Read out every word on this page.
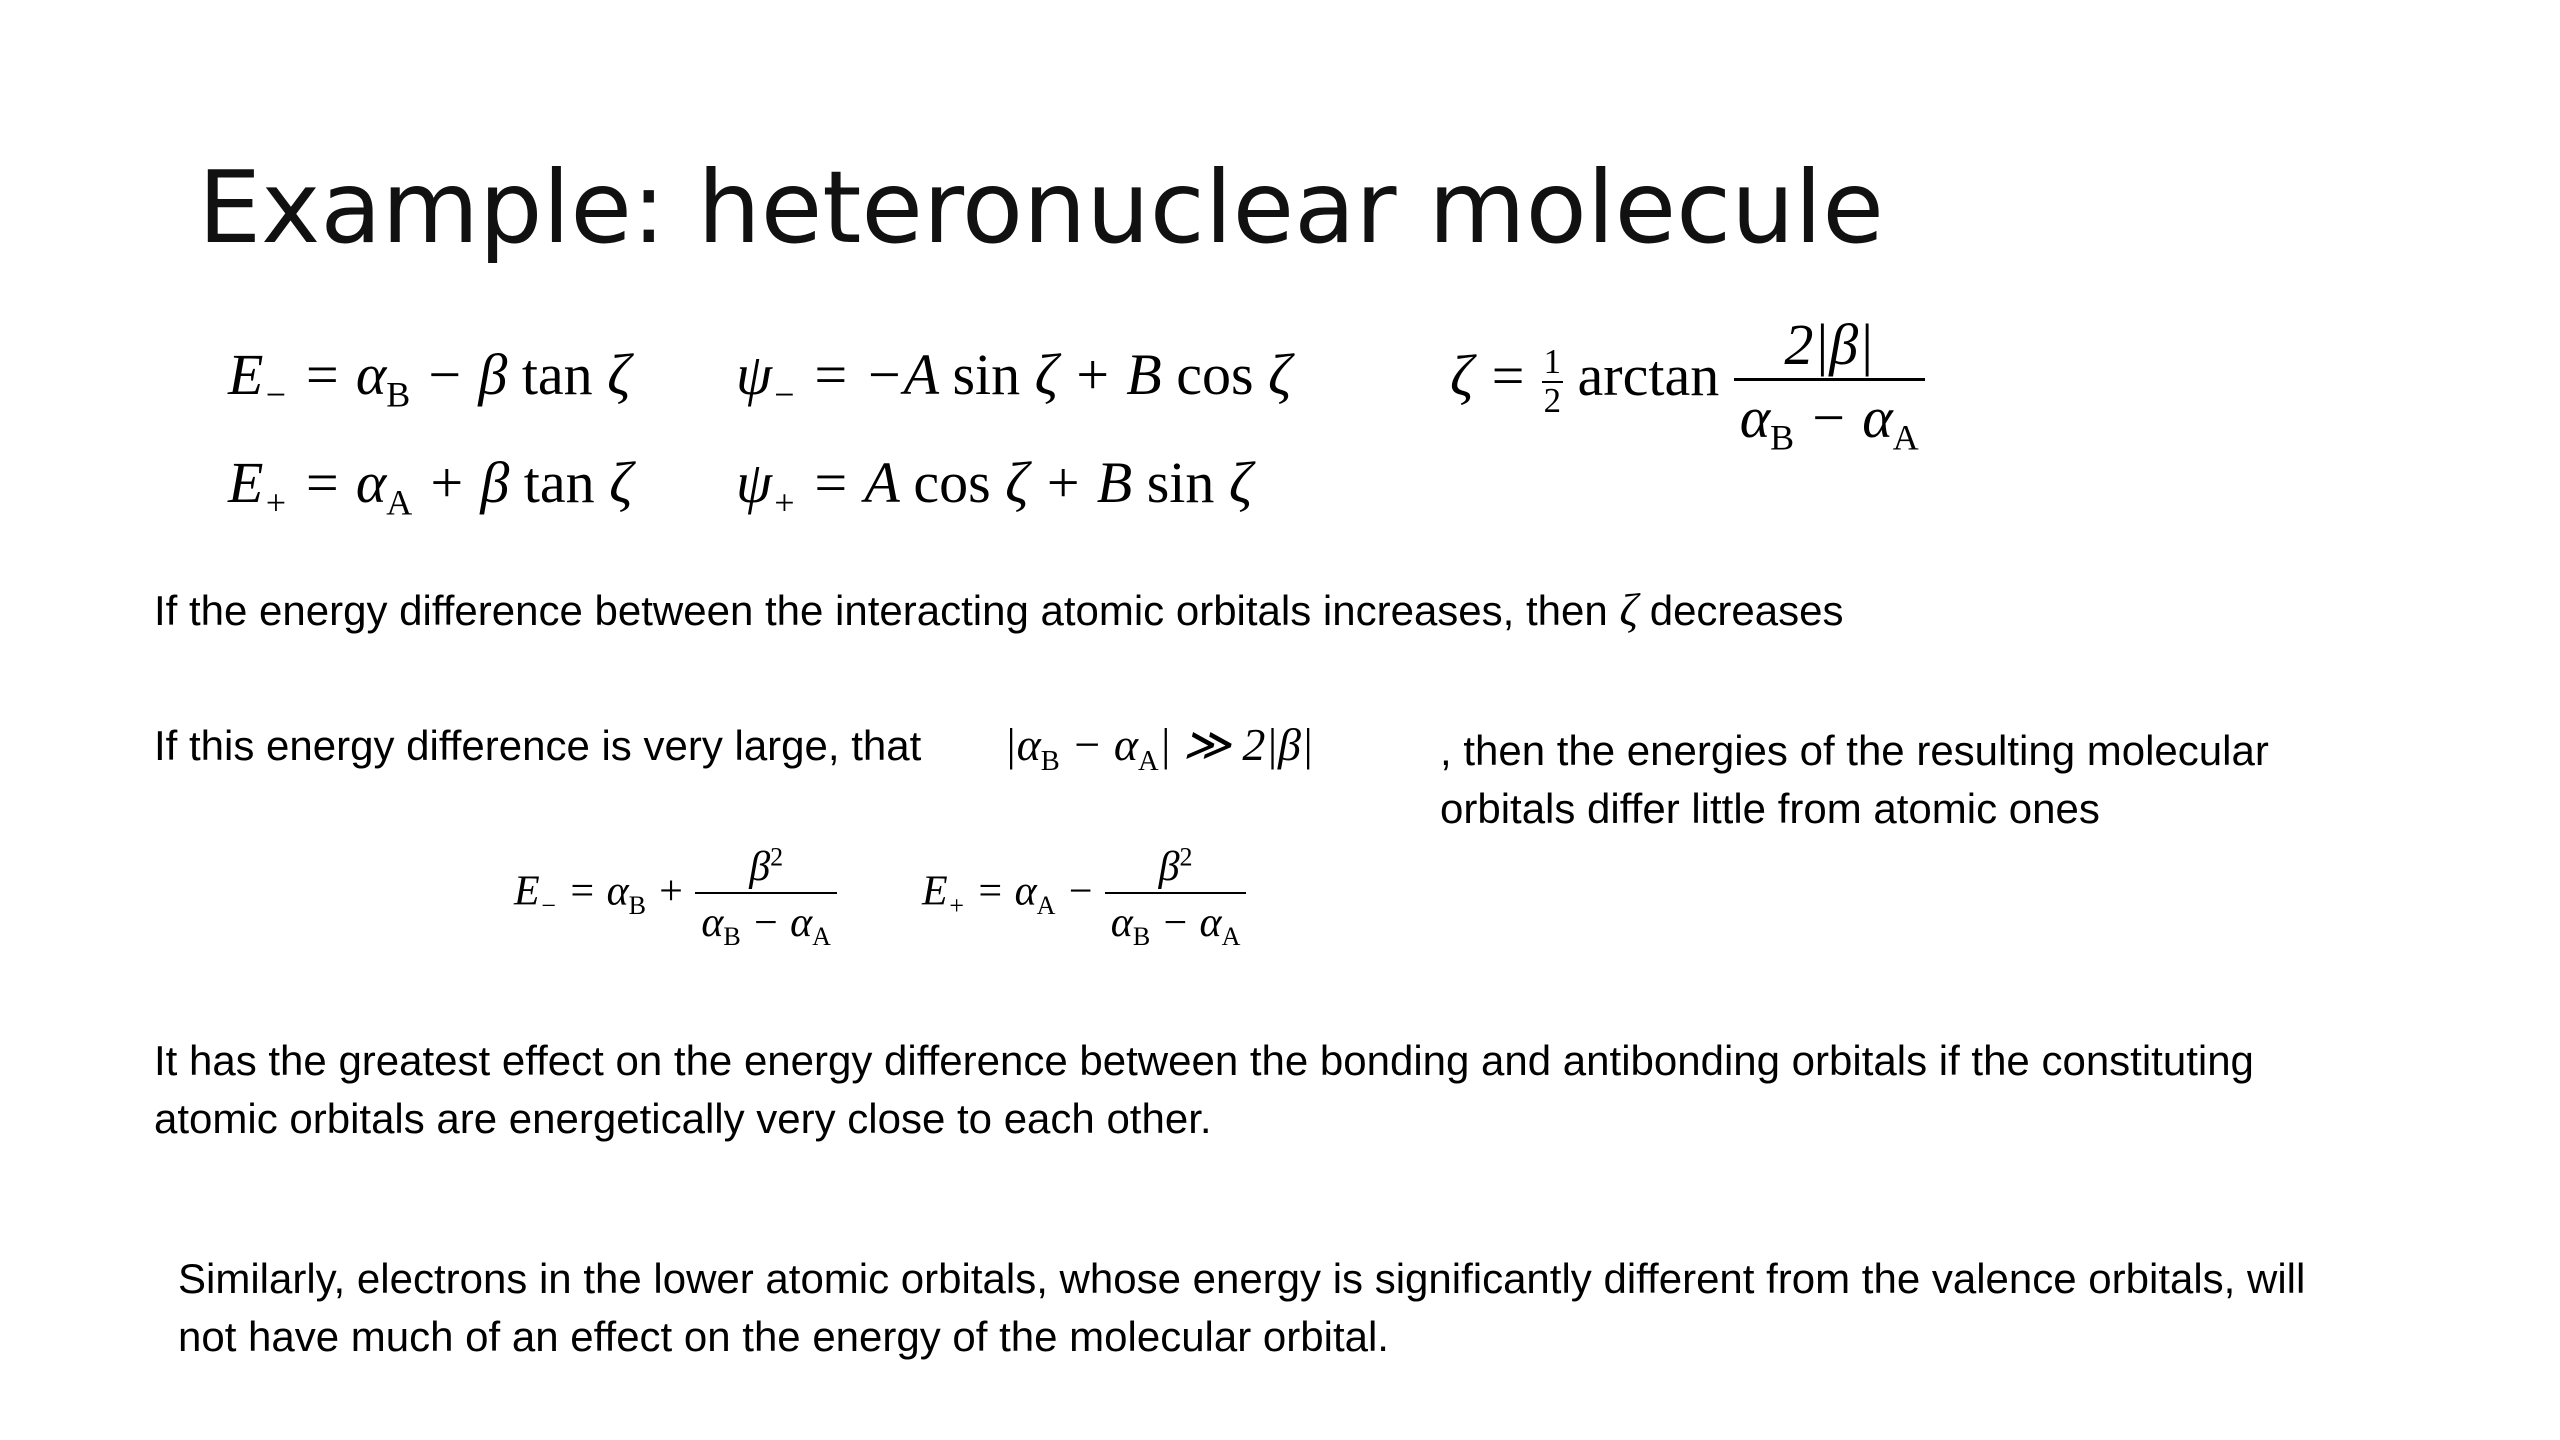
Example: heteronuclear molecule
$E_- = \alpha_B - \beta$ tan ζ
$E_+ = \alpha_A + \beta$ tan ζ
$\psi_- = -A$ sin ζ + B cos ζ
$\psi_+ = A$ cos ζ + B sin ζ
$\zeta = \frac{1}{2}$ $\arctan \frac{2|\beta|}{\alpha_B - \alpha_A}$
If the energy difference between the interacting atomic orbitals increases, then ζ decreases
If this energy difference is very large, that $|\alpha_B - \alpha_A|$ ≫ 2|β|	, then the energies of the resulting molecular orbitals differ little from atomic ones
$E_- = \alpha_B + \frac{\beta^2}{\alpha_B - \alpha_A} E_+ = \alpha_A - \frac{\beta^2}{\alpha_B - \alpha_A}$
It has the greatest effect on the energy difference between the bonding and antibonding orbitals if the constituting atomic orbitals are energetically very close to each other.
Similarly, electrons in the lower atomic orbitals, whose energy is significantly different from the valence orbitals, will not have much of an effect on the energy of the molecular orbital.
